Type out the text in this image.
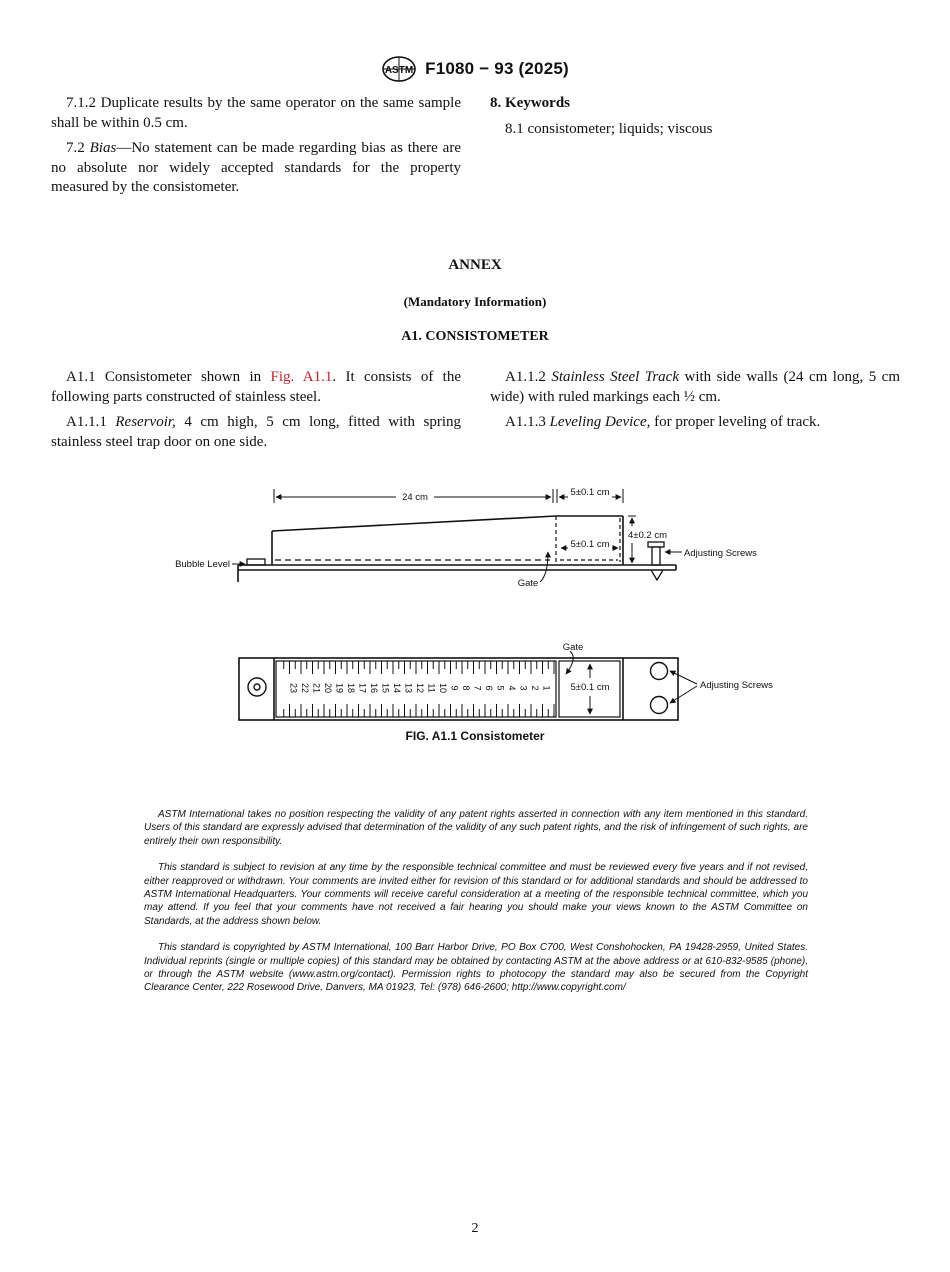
ASTM F1080 − 93 (2025)

7.1.2 Duplicate results by the same operator on the same sample shall be within 0.5 cm.

7.2 Bias—No statement can be made regarding bias as there are no absolute nor widely accepted standards for the property measured by the consistometer.

8. Keywords

8.1 consistometer; liquids; viscous

ANNEX
(Mandatory Information)
A1. CONSISTOMETER

A1.1 Consistometer shown in Fig. A1.1. It consists of the following parts constructed of stainless steel.

A1.1.1 Reservoir, 4 cm high, 5 cm long, fitted with spring stainless steel trap door on one side.

A1.1.2 Stainless Steel Track with side walls (24 cm long, 5 cm wide) with ruled markings each ½ cm.

A1.1.3 Leveling Device, for proper leveling of track.

24 cm	5±0.1 cm
5±0.1 cm
4±0.2 cm
Adjusting Screws
Bubble Level
Gate
1
2
3
4
5
6
7
8
9
10
11
12
13
14
15
16
17
18
19
20
21
22
23
Gate
5±0.1 cm	Adjusting Screws
FIG. A1.1 Consistometer

ASTM International takes no position respecting the validity of any patent rights asserted in connection with any item mentioned in this standard. Users of this standard are expressly advised that determination of the validity of any such patent rights, and the risk of infringement of such rights, are entirely their own responsibility.

This standard is subject to revision at any time by the responsible technical committee and must be reviewed every five years and if not revised, either reapproved or withdrawn. Your comments are invited either for revision of this standard or for additional standards and should be addressed to ASTM International Headquarters. Your comments will receive careful consideration at a meeting of the responsible technical committee, which you may attend. If you feel that your comments have not received a fair hearing you should make your views known to the ASTM Committee on Standards, at the address shown below.

This standard is copyrighted by ASTM International, 100 Barr Harbor Drive, PO Box C700, West Conshohocken, PA 19428-2959, United States. Individual reprints (single or multiple copies) of this standard may be obtained by contacting ASTM at the above address or at 610-832-9585 (phone), or through the ASTM website (www.astm.org/contact). Permission rights to photocopy the standard may also be secured from the Copyright Clearance Center, 222 Rosewood Drive, Danvers, MA 01923, Tel: (978) 646-2600; http://www.copyright.com/

2
